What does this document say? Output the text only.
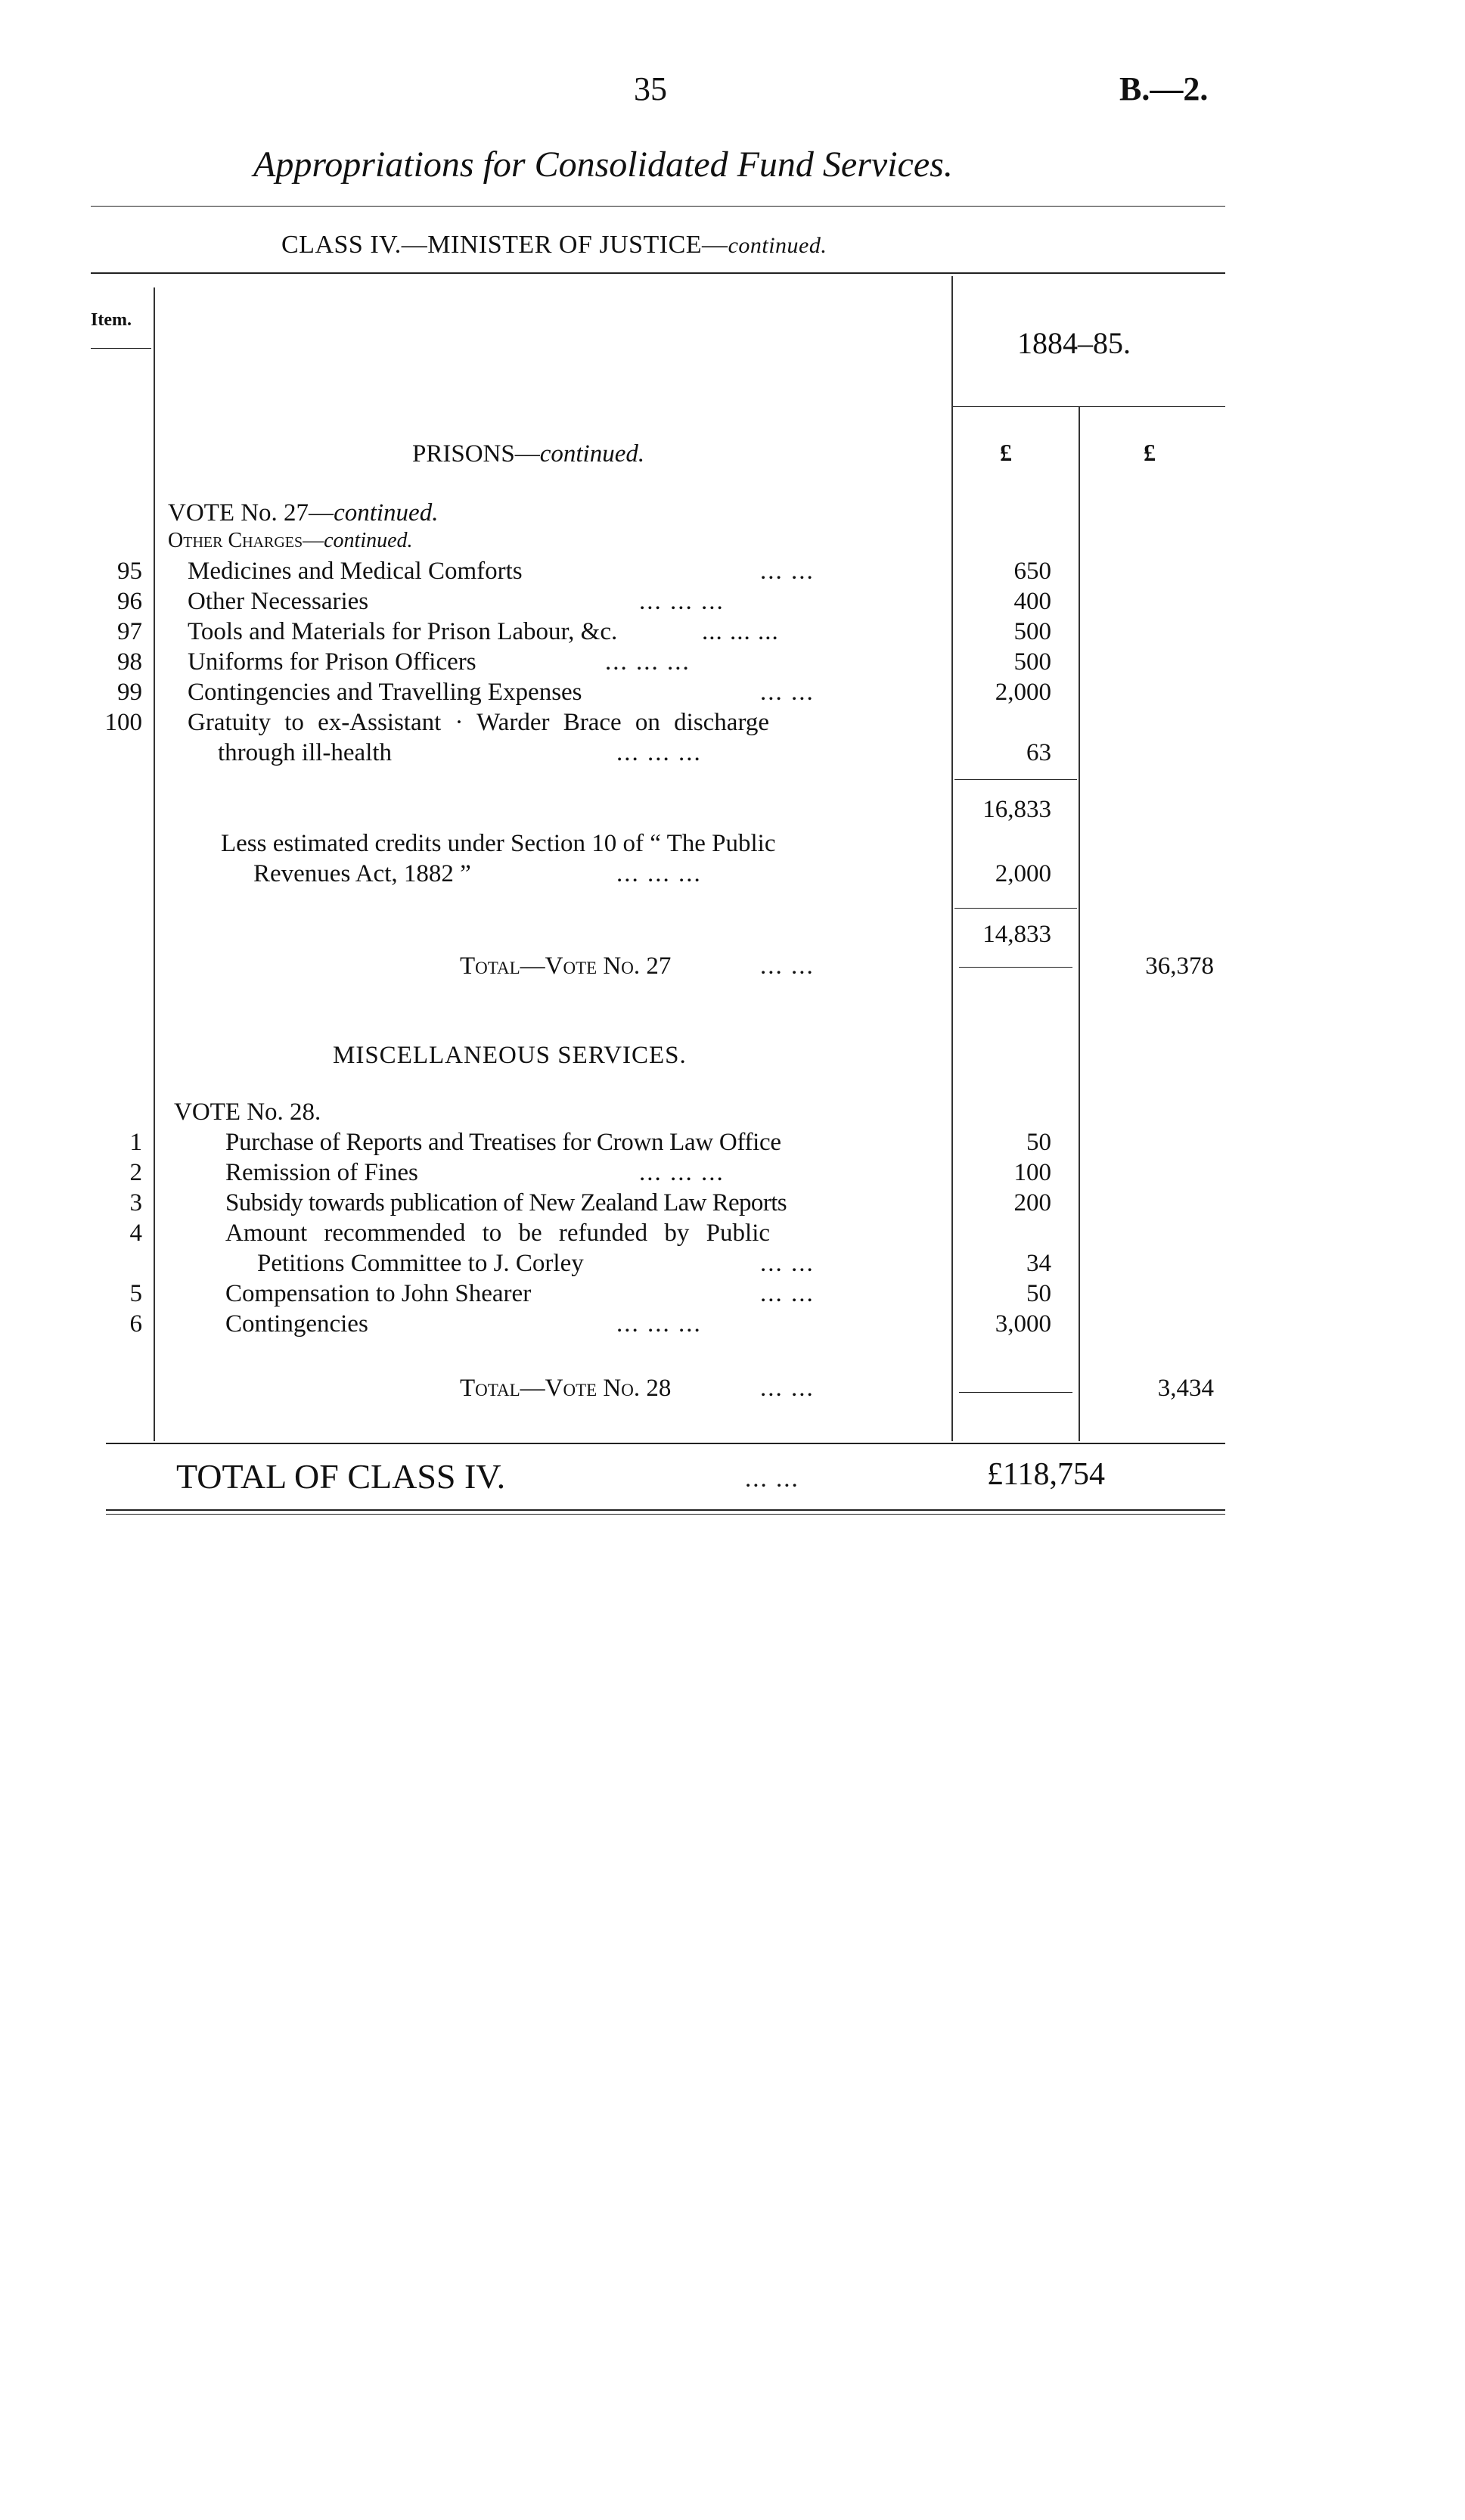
35	B.—2.
Appropriations for Consolidated Fund Services.
CLASS IV.—MINISTER OF JUSTICE—continued.
Item.
1884–85.
£	£
PRISONS—continued.
VOTE No. 27—continued.
Other Charges—continued.
95 Medicines and Medical Comforts	... ...	650
96 Other Necessaries	... ... ...	400
97 Tools and Materials for Prison Labour, &c.	... ... ...	500
98 Uniforms for Prison Officers	... ... ...	500
99 Contingencies and Travelling Expenses	... ...	2,000
100 Gratuity to ex-Assistant · Warder Brace on discharge
through ill-health	... ... ...	63
16,833
Less estimated credits under Section 10 of “ The Public
Revenues Act, 1882 ”	... ... ...	2,000
14,833
Total—Vote No. 27	... ...	36,378
MISCELLANEOUS SERVICES.
VOTE No. 28.
1	Purchase of Reports and Treatises for Crown Law Office	50
2	Remission of Fines	... ... ...	100
3	Subsidy towards publication of New Zealand Law Reports	200
4	Amount recommended to be refunded by Public
Petitions Committee to J. Corley	... ...	34
5	Compensation to John Shearer	... ...	50
6	Contingencies	... ... ...	3,000
Total—Vote No. 28	... ...	3,434
TOTAL OF CLASS IV.	... ...	£118,754
